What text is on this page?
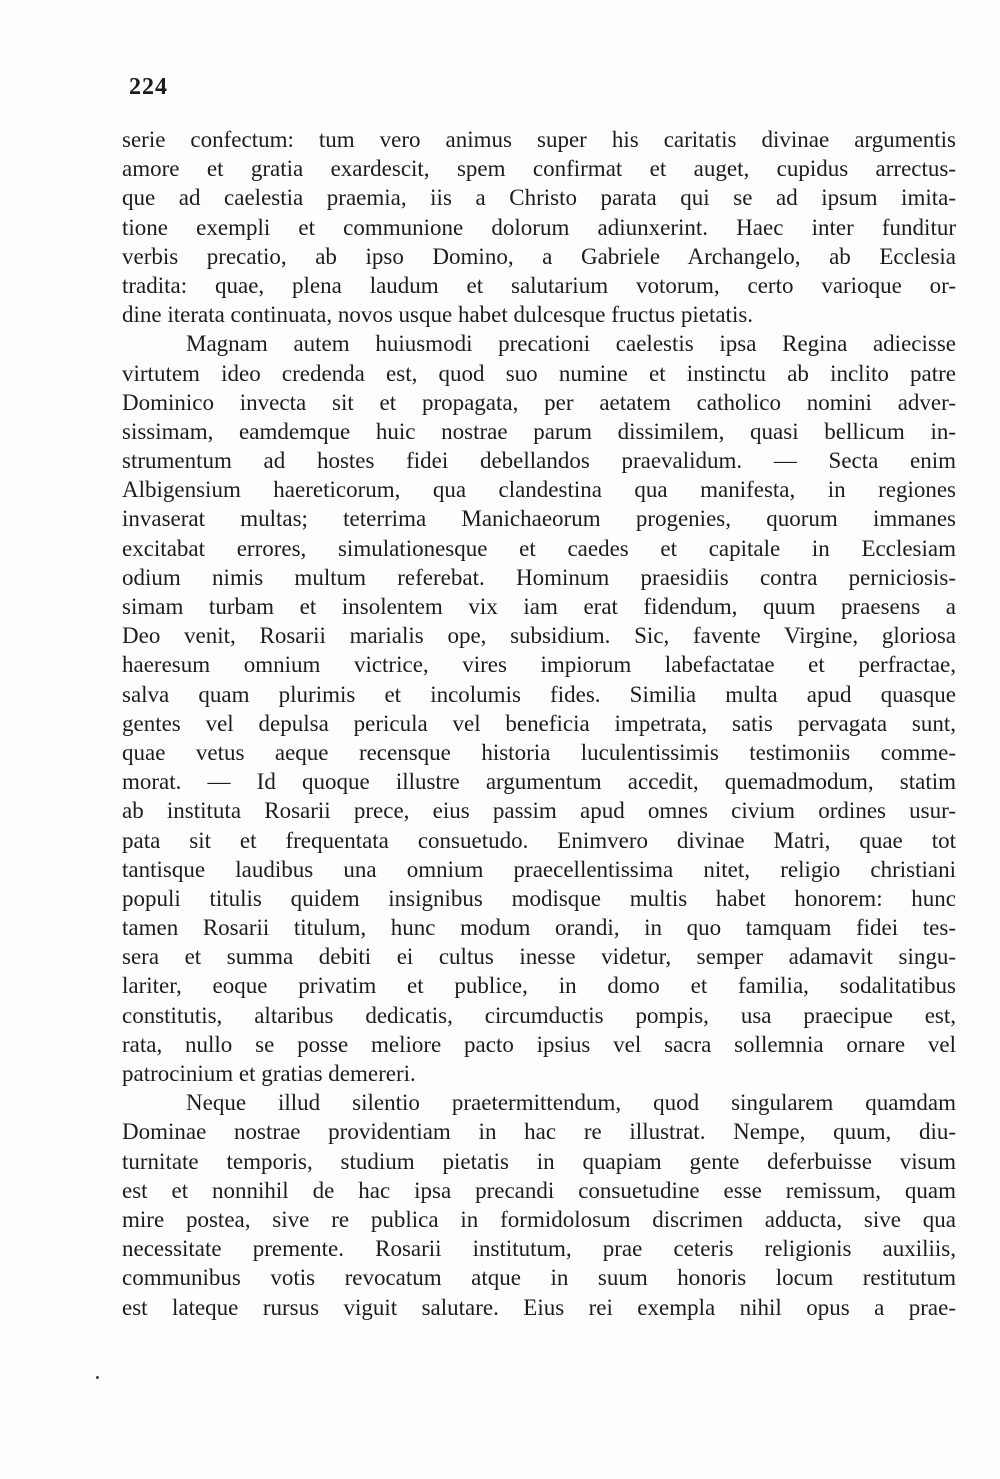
224
serie confectum: tum vero animus super his caritatis divinae argumentis
amore et gratia exardescit, spem confirmat et auget, cupidus arrectus-
que ad caelestia praemia, iis a Christo parata qui se ad ipsum imita-
tione exempli et communione dolorum adiunxerint. Haec inter funditur
verbis precatio, ab ipso Domino, a Gabriele Archangelo, ab Ecclesia
tradita: quae, plena laudum et salutarium votorum, certo varioque or-
dine iterata continuata, novos usque habet dulcesque fructus pietatis.
Magnam autem huiusmodi precationi caelestis ipsa Regina adiecisse
virtutem ideo credenda est, quod suo numine et instinctu ab inclito patre
Dominico invecta sit et propagata, per aetatem catholico nomini adver-
sissimam, eamdemque huic nostrae parum dissimilem, quasi bellicum in-
strumentum ad hostes fidei debellandos praevalidum. — Secta enim
Albigensium haereticorum, qua clandestina qua manifesta, in regiones
invaserat multas; teterrima Manichaeorum progenies, quorum immanes
excitabat errores, simulationesque et caedes et capitale in Ecclesiam
odium nimis multum referebat. Hominum praesidiis contra perniciosis-
simam turbam et insolentem vix iam erat fidendum, quum praesens a
Deo venit, Rosarii marialis ope, subsidium. Sic, favente Virgine, gloriosa
haeresum omnium victrice, vires impiorum labefactatae et perfractae,
salva quam plurimis et incolumis fides. Similia multa apud quasque
gentes vel depulsa pericula vel beneficia impetrata, satis pervagata sunt,
quae vetus aeque recensque historia luculentissimis testimoniis comme-
morat. — Id quoque illustre argumentum accedit, quemadmodum, statim
ab instituta Rosarii prece, eius passim apud omnes civium ordines usur-
pata sit et frequentata consuetudo. Enimvero divinae Matri, quae tot
tantisque laudibus una omnium praecellentissima nitet, religio christiani
populi titulis quidem insignibus modisque multis habet honorem: hunc
tamen Rosarii titulum, hunc modum orandi, in quo tamquam fidei tes-
sera et summa debiti ei cultus inesse videtur, semper adamavit singu-
lariter, eoque privatim et publice, in domo et familia, sodalitatibus
constitutis, altaribus dedicatis, circumductis pompis, usa praecipue est,
rata, nullo se posse meliore pacto ipsius vel sacra sollemnia ornare vel
patrocinium et gratias demereri.
Neque illud silentio praetermittendum, quod singularem quamdam
Dominae nostrae providentiam in hac re illustrat. Nempe, quum, diu-
turnitate temporis, studium pietatis in quapiam gente deferbuisse visum
est et nonnihil de hac ipsa precandi consuetudine esse remissum, quam
mire postea, sive re publica in formidolosum discrimen adducta, sive qua
necessitate premente. Rosarii institutum, prae ceteris religionis auxiliis,
communibus votis revocatum atque in suum honoris locum restitutum
est lateque rursus viguit salutare. Eius rei exempla nihil opus a prae-
